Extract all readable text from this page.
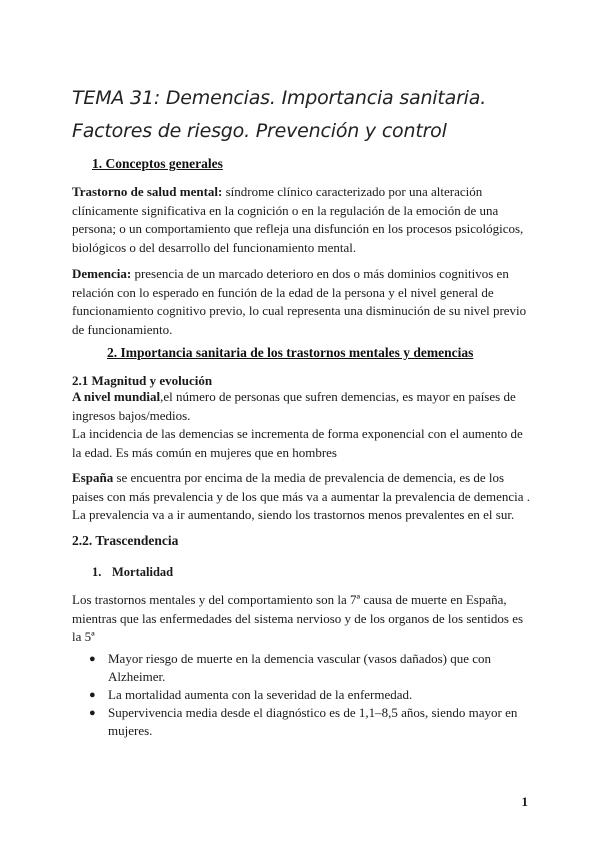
TEMA 31: Demencias. Importancia sanitaria. Factores de riesgo. Prevención y control
1. Conceptos generales
Trastorno de salud mental: síndrome clínico caracterizado por una alteración
clínicamente significativa en la cognición o en la regulación de la emoción de una
persona; o un comportamiento que refleja una disfunción en los procesos psicológicos,
biológicos o del desarrollo del funcionamiento mental.
Demencia: presencia de un marcado deterioro en dos o más dominios cognitivos en
relación con lo esperado en función de la edad de la persona y el nivel general de
funcionamiento cognitivo previo, lo cual representa una disminución de su nivel previo
de funcionamiento.
2. Importancia sanitaria de los trastornos mentales y demencias
2.1 Magnitud y evolución
A nivel mundial,el número de personas que sufren demencias, es mayor en países de
ingresos bajos/medios.
La incidencia de las demencias se incrementa de forma exponencial con el aumento de
la edad. Es más común en mujeres que en hombres
España se encuentra por encima de la media de prevalencia de demencia, es de los
paises con más prevalencia y de los que más va a aumentar la prevalencia de demencia .
La prevalencia va a ir aumentando, siendo los trastornos menos prevalentes en el sur.
2.2. Trascendencia
1. Mortalidad
Los trastornos mentales y del comportamiento son la 7ª causa de muerte en España,
mientras que las enfermedades del sistema nervioso y de los organos de los sentidos es
la 5ª
● Mayor riesgo de muerte en la demencia vascular (vasos dañados) que con
Alzheimer.
● La mortalidad aumenta con la severidad de la enfermedad.
● Supervivencia media desde el diagnóstico es de 1,1–8,5 años, siendo mayor en
mujeres.
1
